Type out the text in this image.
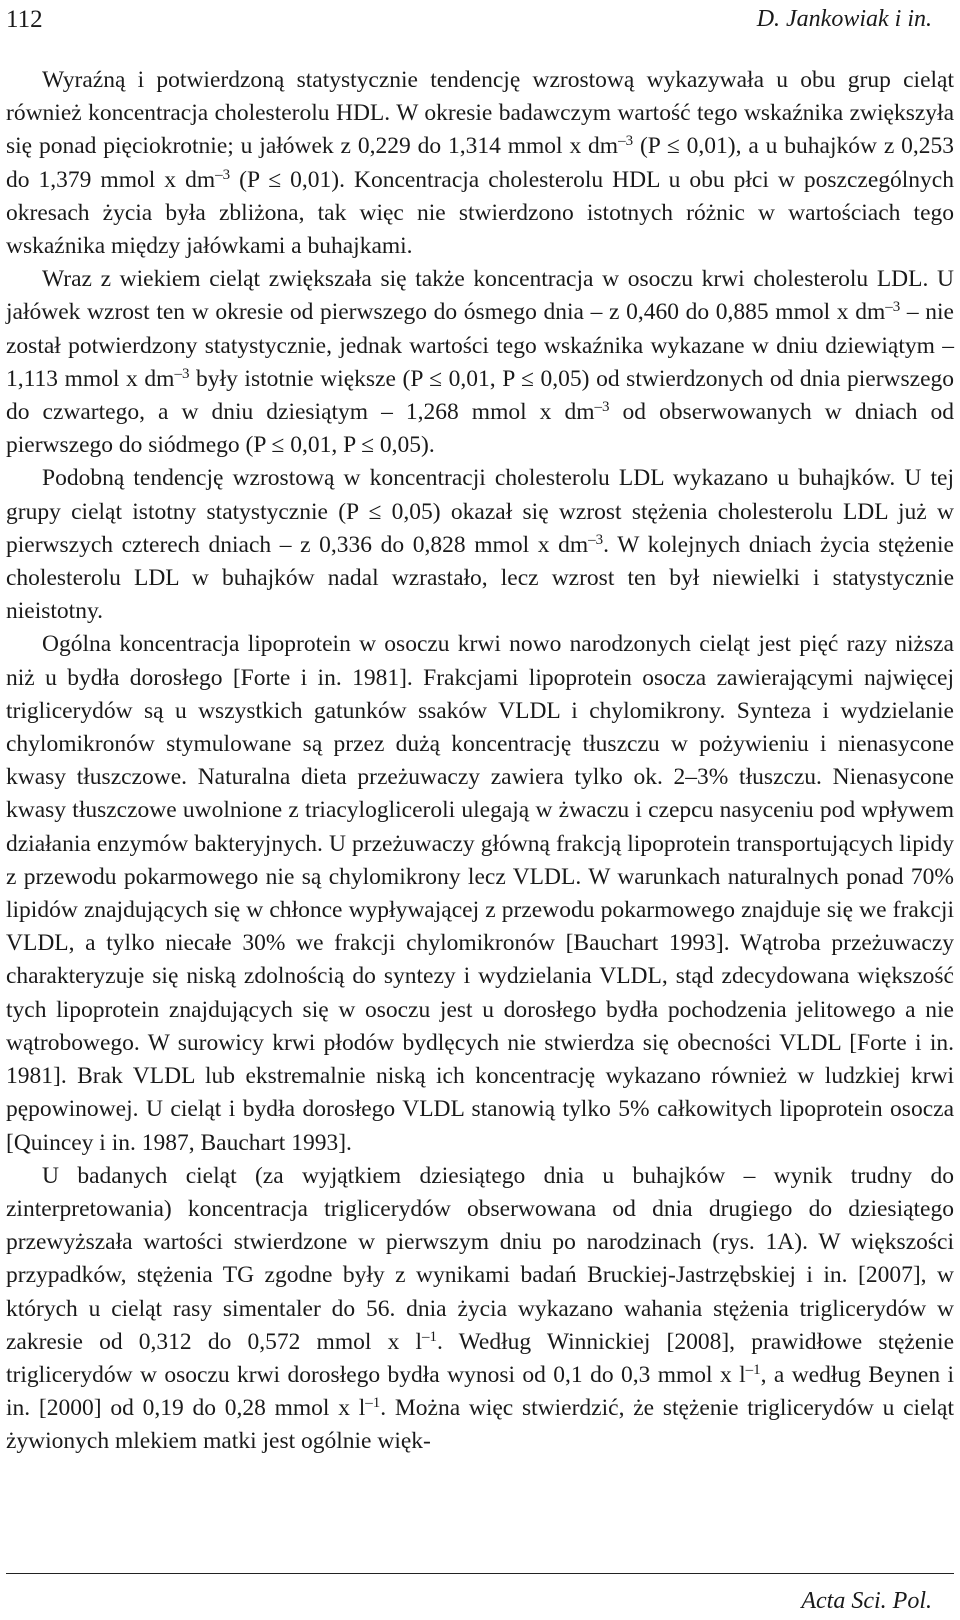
112	D. Jankowiak i in.

Wyraźną i potwierdzoną statystycznie tendencję wzrostową wykazywała u obu grup cieląt również koncentracja cholesterolu HDL. W okresie badawczym wartość tego wskaźnika zwiększyła się ponad pięciokrotnie; u jałówek z 0,229 do 1,314 mmol x $dm^{-3}$ (P ≤ 0,01), a u buhajków z 0,253 do 1,379 mmol x $dm^{-3}$ (P ≤ 0,01). Koncentracja cholesterolu HDL u obu płci w poszczególnych okresach życia była zbliżona, tak więc nie stwierdzono istotnych różnic w wartościach tego wskaźnika między jałówkami a buhajkami.

Wraz z wiekiem cieląt zwiększała się także koncentracja w osoczu krwi cholesterolu LDL. U jałówek wzrost ten w okresie od pierwszego do ósmego dnia – z 0,460 do 0,885 mmol x $dm^{-3}$ – nie został potwierdzony statystycznie, jednak wartości tego wskaźnika wykazane w dniu dziewiątym – 1,113 mmol x $dm^{-3}$ były istotnie większe (P ≤ 0,01, P ≤ 0,05) od stwierdzonych od dnia pierwszego do czwartego, a w dniu dziesiątym – 1,268 mmol x $dm^{-3}$ od obserwowanych w dniach od pierwszego do siódmego (P ≤ 0,01, P ≤ 0,05).

Podobną tendencję wzrostową w koncentracji cholesterolu LDL wykazano u buhajków. U tej grupy cieląt istotny statystycznie (P ≤ 0,05) okazał się wzrost stężenia cholesterolu LDL już w pierwszych czterech dniach – z 0,336 do 0,828 mmol x $dm^{-3}$. W kolejnych dniach życia stężenie cholesterolu LDL w buhajków nadal wzrastało, lecz wzrost ten był niewielki i statystycznie nieistotny.

Ogólna koncentracja lipoprotein w osoczu krwi nowo narodzonych cieląt jest pięć razy niższa niż u bydła dorosłego [Forte i in. 1981]. Frakcjami lipoprotein osocza zawierającymi najwięcej triglicerydów są u wszystkich gatunków ssaków VLDL i chylomikrony. Synteza i wydzielanie chylomikronów stymulowane są przez dużą koncentrację tłuszczu w pożywieniu i nienasycone kwasy tłuszczowe. Naturalna dieta przeżuwaczy zawiera tylko ok. 2–3% tłuszczu. Nienasycone kwasy tłuszczowe uwolnione z triacyloglicerolі ulegają w żwaczu i czepcu nasyceniu pod wpływem działania enzymów bakteryjnych. U przeżuwaczy główną frakcją lipoprotein transportujących lipidy z przewodu pokarmowego nie są chylomikrony lecz VLDL. W warunkach naturalnych ponad 70% lipidów znajdujących się w chłonce wypływającej z przewodu pokarmowego znajduje się we frakcji VLDL, a tylko niecałe 30% we frakcji chylomikronów [Bauchart 1993]. Wątroba przeżuwaczy charakteryzuje się niską zdolnością do syntezy i wydzielania VLDL, stąd zdecydowana większość tych lipoprotein znajdujących się w osoczu jest u dorosłego bydła pochodzenia jelitowego a nie wątrobowego. W surowicy krwi płodów bydlęcych nie stwierdza się obecności VLDL [Forte i in. 1981]. Brak VLDL lub ekstremalnie niską ich koncentrację wykazano również w ludzkiej krwi pępowinowej. U cieląt i bydła dorosłego VLDL stanowią tylko 5% całkowitych lipoprotein osocza [Quincey i in. 1987, Bauchart 1993].

U badanych cieląt (za wyjątkiem dziesiątego dnia u buhajków – wynik trudny do zinterpretowania) koncentracja triglicerydów obserwowana od dnia drugiego do dziesiątego przewyższała wartości stwierdzone w pierwszym dniu po narodzinach (rys. 1A). W większości przypadków, stężenia TG zgodne były z wynikami badań Bruckiej-Jastrzębskiej i in. [2007], w których u cieląt rasy simentaler do 56. dnia życia wykazano wahania stężenia triglicerydów w zakresie od 0,312 do 0,572 mmol x $l^{-1}$. Według Winnickiej [2008], prawidłowe stężenie triglicerydów w osoczu krwi dorosłego bydła wynosi od 0,1 do 0,3 mmol x $l^{-1}$, a według Beynen i in. [2000] od 0,19 do 0,28 mmol x $l^{-1}$. Można więc stwierdzić, że stężenie triglicerydów u cieląt żywionych mlekiem matki jest ogólnie więk-

Acta Sci. Pol.
